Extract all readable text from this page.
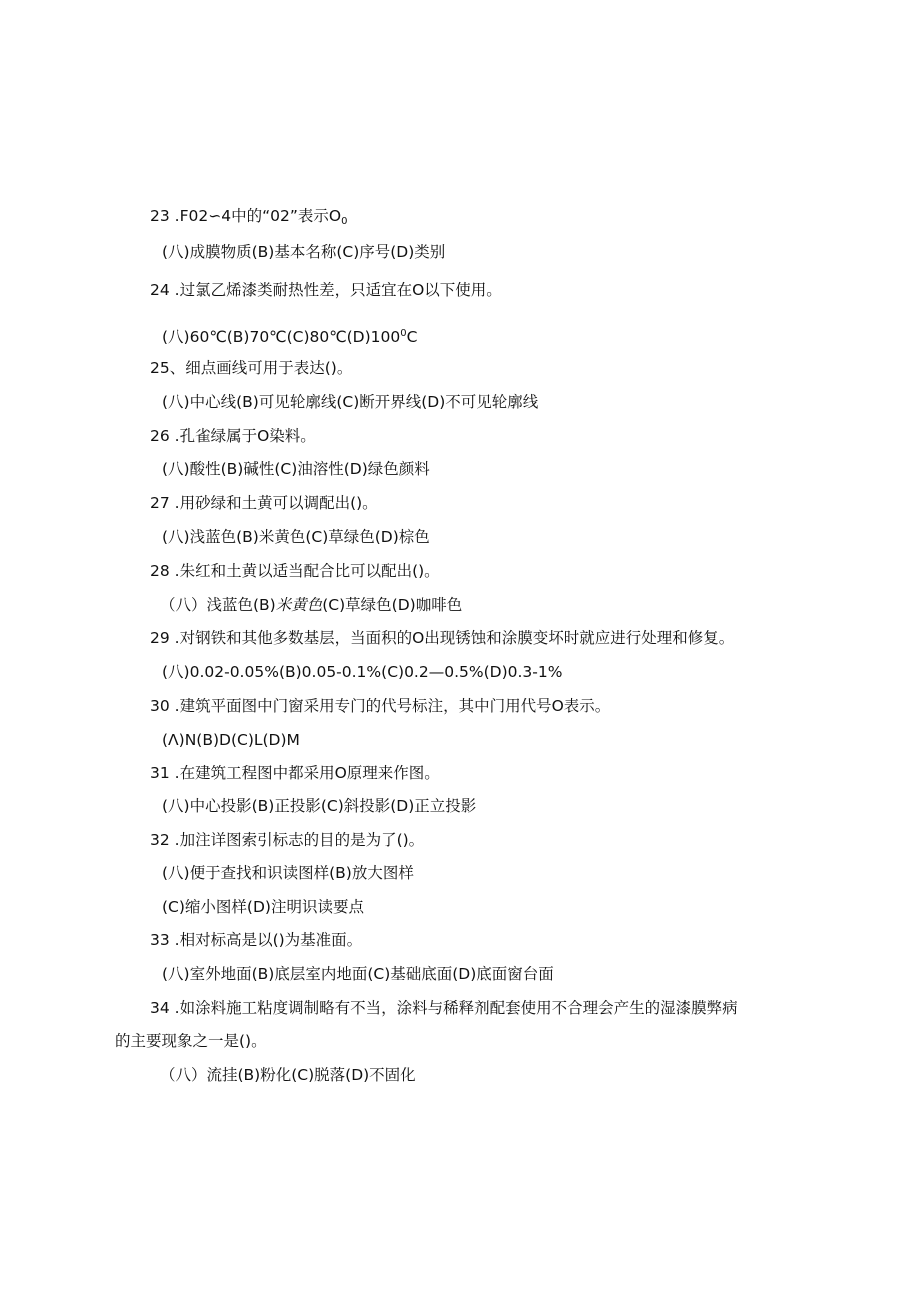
23 .F02∽4中的“02”表示$O_0$
(八)成膜物质(B)基本名称(C)序号(D)类别
24 .过氯乙烯漆类耐热性差，只适宜在O以下使用。
(八)$60℃(B)70℃(C)80℃(D)100^0C$
25、细点画线可用于表达()。
(八)中心线(B)可见轮廓线(C)断开界线(D)不可见轮廓线
26 .孔雀绿属于O染料。
(八)酸性(B)碱性(C)油溶性(D)绿色颜料
27 .用砂绿和土黄可以调配出()。
(八)浅蓝色(B)米黄色(C)草绿色(D)棕色
28 .朱红和土黄以适当配合比可以配出()。
（八）浅蓝色(B)米黄色(C)草绿色(D)咖啡色
29 .对钢铁和其他多数基层，当面积的O出现锈蚀和涂膜变坏时就应进行处理和修复。
(八)0.02-0.05%(B)0.05-0.1%(C)0.2—0.5%(D)0.3-1%
30 .建筑平面图中门窗采用专门的代号标注，其中门用代号O表示。
(Λ)N(B)D(C)L(D)M
31 .在建筑工程图中都采用O原理来作图。
(八)中心投影(B)正投影(C)斜投影(D)正立投影
32 .加注详图索引标志的目的是为了()。
(八)便于查找和识读图样(B)放大图样
(C)缩小图样(D)注明识读要点
33 .相对标高是以()为基准面。
(八)室外地面(B)底层室内地面(C)基础底面(D)底面窗台面
34 .如涂料施工粘度调制略有不当，涂料与稀释剂配套使用不合理会产生的湿漆膜弊病
的主要现象之一是()。
（八）流挂(B)粉化(C)脱落(D)不固化
